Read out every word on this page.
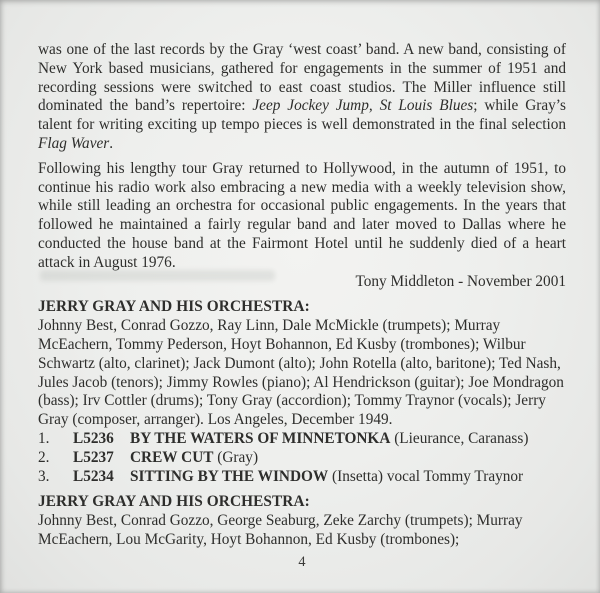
was one of the last records by the Gray ‘west coast’ band. A new band, consisting of New York based musicians, gathered for engagements in the summer of 1951 and recording sessions were switched to east coast studios. The Miller influence still dominated the band’s repertoire: Jeep Jockey Jump, St Louis Blues; while Gray’s talent for writing exciting up tempo pieces is well demonstrated in the final selection Flag Waver.

Following his lengthy tour Gray returned to Hollywood, in the autumn of 1951, to continue his radio work also embracing a new media with a weekly television show, while still leading an orchestra for occasional public engagements. In the years that followed he maintained a fairly regular band and later moved to Dallas where he conducted the house band at the Fairmont Hotel until he suddenly died of a heart attack in August 1976.

Tony Middleton - November 2001

JERRY GRAY AND HIS ORCHESTRA:

Johnny Best, Conrad Gozzo, Ray Linn, Dale McMickle (trumpets); Murray McEachern, Tommy Pederson, Hoyt Bohannon, Ed Kusby (trombones); Wilbur Schwartz (alto, clarinet); Jack Dumont (alto); John Rotella (alto, baritone); Ted Nash, Jules Jacob (tenors); Jimmy Rowles (piano); Al Hendrickson (guitar); Joe Mondragon (bass); Irv Cottler (drums); Tony Gray (accordion); Tommy Traynor (vocals); Jerry Gray (composer, arranger). Los Angeles, December 1949.

1. L5236 BY THE WATERS OF MINNETONKA (Lieurance, Caranass)
2. L5237 CREW CUT (Gray)
3. L5234 SITTING BY THE WINDOW (Insetta) vocal Tommy Traynor

JERRY GRAY AND HIS ORCHESTRA:

Johnny Best, Conrad Gozzo, George Seaburg, Zeke Zarchy (trumpets); Murray McEachern, Lou McGarity, Hoyt Bohannon, Ed Kusby (trombones);

4
